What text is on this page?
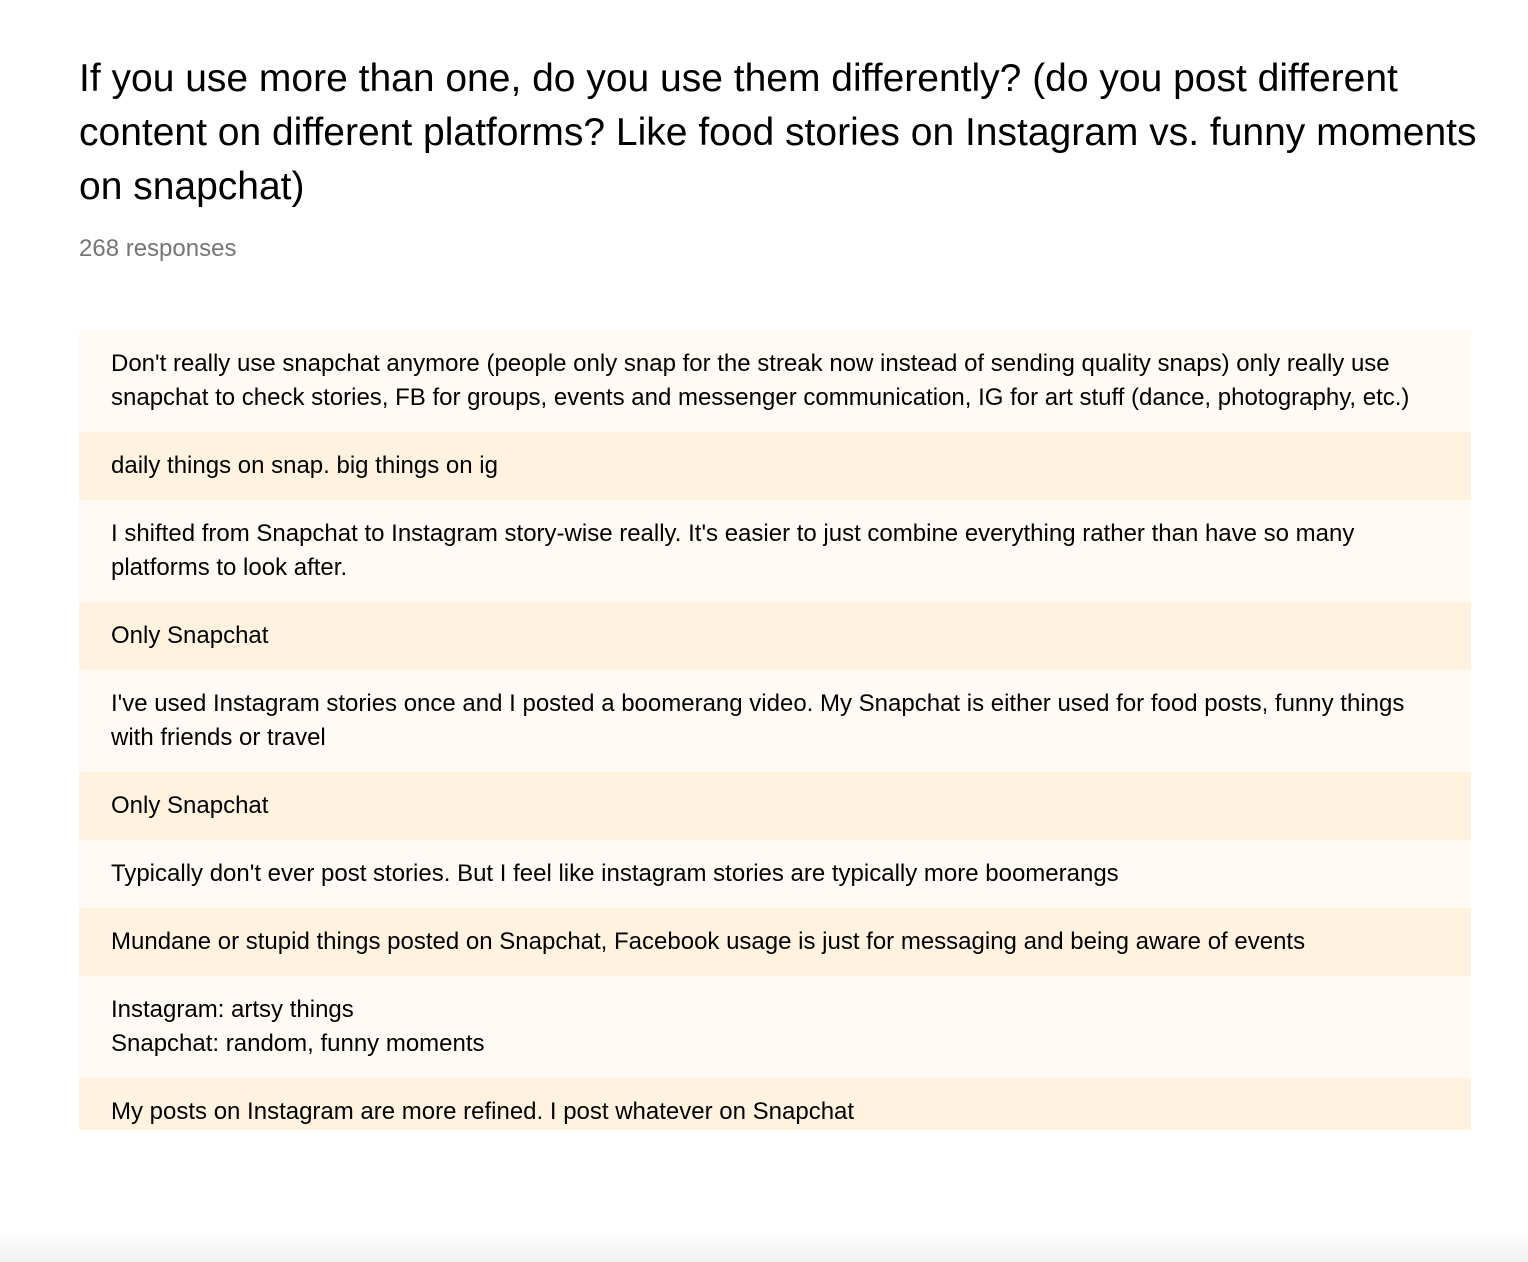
If you use more than one, do you use them differently? (do you post different content on different platforms? Like food stories on Instagram vs. funny moments on snapchat)
268 responses
Don't really use snapchat anymore (people only snap for the streak now instead of sending quality snaps) only really use snapchat to check stories, FB for groups, events and messenger communication, IG for art stuff (dance, photography, etc.)
daily things on snap. big things on ig
I shifted from Snapchat to Instagram story-wise really. It's easier to just combine everything rather than have so many platforms to look after.
Only Snapchat
I've used Instagram stories once and I posted a boomerang video. My Snapchat is either used for food posts, funny things with friends or travel
Only Snapchat
Typically don't ever post stories. But I feel like instagram stories are typically more boomerangs
Mundane or stupid things posted on Snapchat, Facebook usage is just for messaging and being aware of events
Instagram: artsy things
Snapchat: random, funny moments
My posts on Instagram are more refined. I post whatever on Snapchat
